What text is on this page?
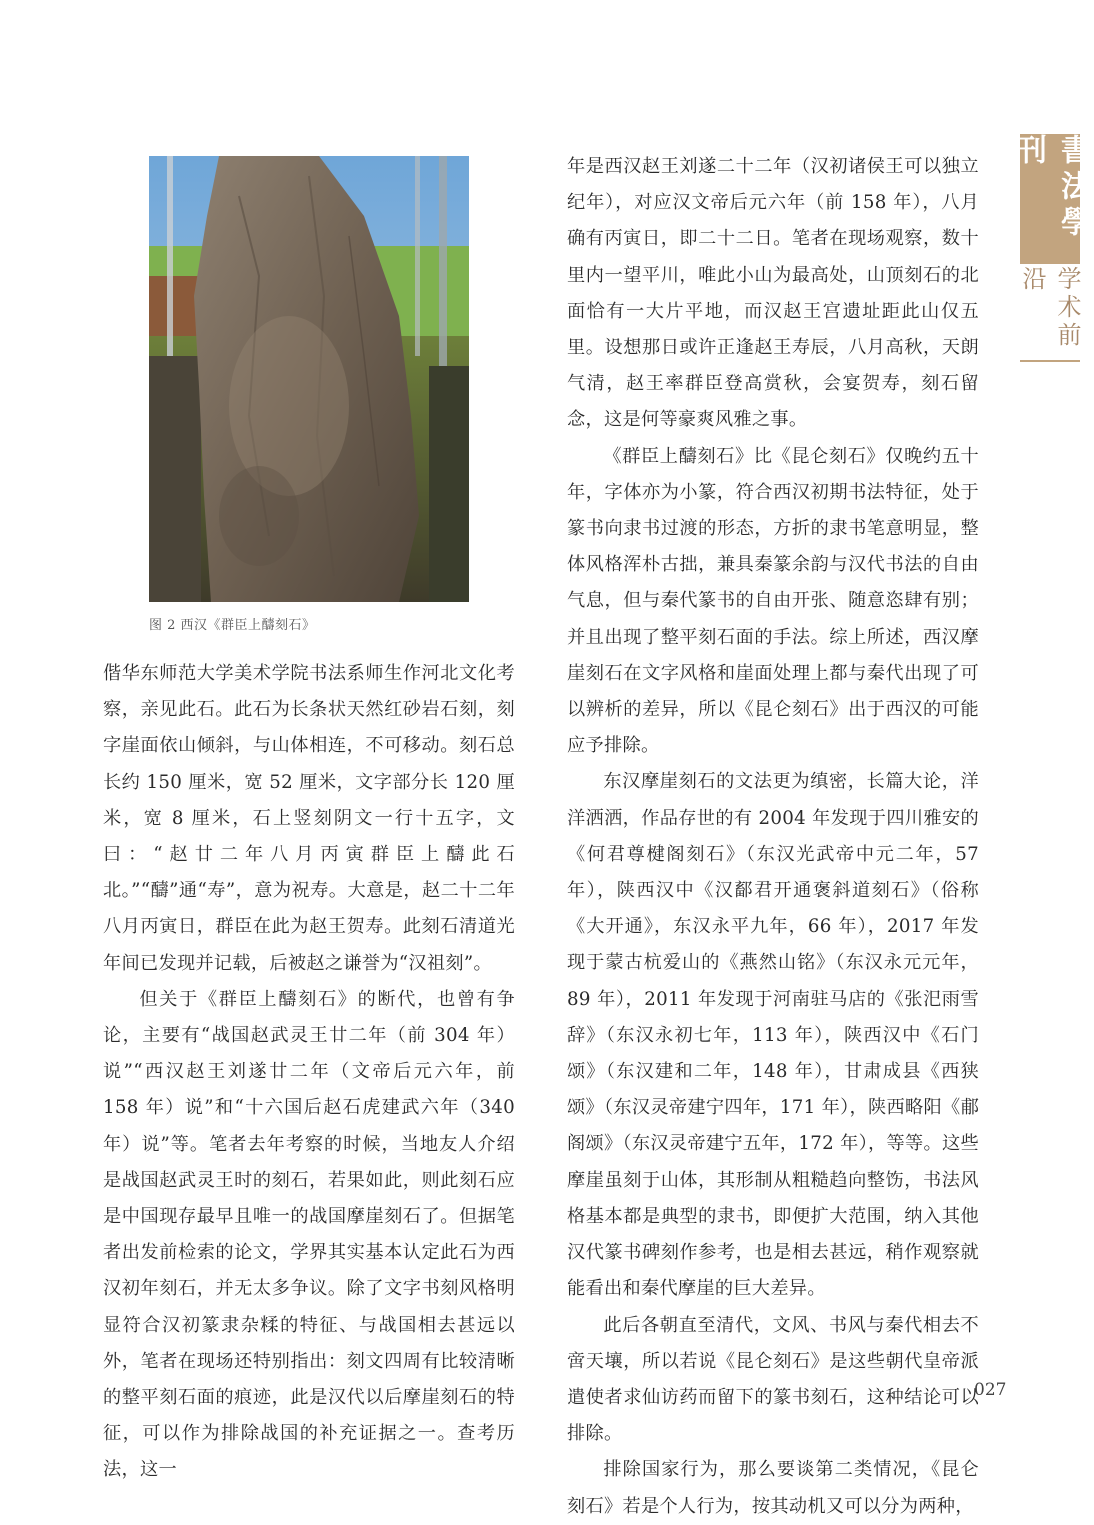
图 2 西汉《群臣上醻刻石》

偕华东师范大学美术学院书法系师生作河北文化考察，亲见此石。此石为长条状天然红砂岩石刻，刻字崖面依山倾斜，与山体相连，不可移动。刻石总长约 150 厘米，宽 52 厘米，文字部分长 120 厘米，宽 8 厘米，石上竖刻阴文一行十五字，文曰：“赵廿二年八月丙寅群臣上醻此石北。”“醻”通“寿”，意为祝寿。大意是，赵二十二年八月丙寅日，群臣在此为赵王贺寿。此刻石清道光年间已发现并记载，后被赵之谦誉为“汉祖刻”。

但关于《群臣上醻刻石》的断代，也曾有争论，主要有“战国赵武灵王廿二年（前 304 年）说”“西汉赵王刘遂廿二年（文帝后元六年，前 158 年）说”和“十六国后赵石虎建武六年（340 年）说”等。笔者去年考察的时候，当地友人介绍是战国赵武灵王时的刻石，若果如此，则此刻石应是中国现存最早且唯一的战国摩崖刻石了。但据笔者出发前检索的论文，学界其实基本认定此石为西汉初年刻石，并无太多争议。除了文字书刻风格明显符合汉初篆隶杂糅的特征、与战国相去甚远以外，笔者在现场还特别指出：刻文四周有比较清晰的整平刻石面的痕迹，此是汉代以后摩崖刻石的特征，可以作为排除战国的补充证据之一。查考历法，这一

年是西汉赵王刘遂二十二年（汉初诸侯王可以独立纪年），对应汉文帝后元六年（前 158 年），八月确有丙寅日，即二十二日。笔者在现场观察，数十里内一望平川，唯此小山为最高处，山顶刻石的北面恰有一大片平地，而汉赵王宫遗址距此山仅五里。设想那日或许正逢赵王寿辰，八月高秋，天朗气清，赵王率群臣登高赏秋，会宴贺寿，刻石留念，这是何等豪爽风雅之事。

《群臣上醻刻石》比《昆仑刻石》仅晚约五十年，字体亦为小篆，符合西汉初期书法特征，处于篆书向隶书过渡的形态，方折的隶书笔意明显，整体风格浑朴古拙，兼具秦篆余韵与汉代书法的自由气息，但与秦代篆书的自由开张、随意恣肆有别；并且出现了整平刻石面的手法。综上所述，西汉摩崖刻石在文字风格和崖面处理上都与秦代出现了可以辨析的差异，所以《昆仑刻石》出于西汉的可能应予排除。

东汉摩崖刻石的文法更为缜密，长篇大论，洋洋洒洒，作品存世的有 2004 年发现于四川雅安的《何君尊楗阁刻石》（东汉光武帝中元二年，57 年），陕西汉中《汉鄐君开通褒斜道刻石》（俗称《大开通》，东汉永平九年，66 年），2017 年发现于蒙古杭爱山的《燕然山铭》（东汉永元元年，89 年），2011 年发现于河南驻马店的《张汜雨雪辞》（东汉永初七年，113 年），陕西汉中《石门颂》（东汉建和二年，148 年），甘肃成县《西狭颂》（东汉灵帝建宁四年，171 年），陕西略阳《郙阁颂》（东汉灵帝建宁五年，172 年），等等。这些摩崖虽刻于山体，其形制从粗糙趋向整饬，书法风格基本都是典型的隶书，即便扩大范围，纳入其他汉代篆书碑刻作参考，也是相去甚远，稍作观察就能看出和秦代摩崖的巨大差异。

此后各朝直至清代，文风、书风与秦代相去不啻天壤，所以若说《昆仑刻石》是这些朝代皇帝派遣使者求仙访药而留下的篆书刻石，这种结论可以排除。

排除国家行为，那么要谈第二类情况，《昆仑刻石》若是个人行为，按其动机又可以分为两种，

書法學刊
学术前沿
027
